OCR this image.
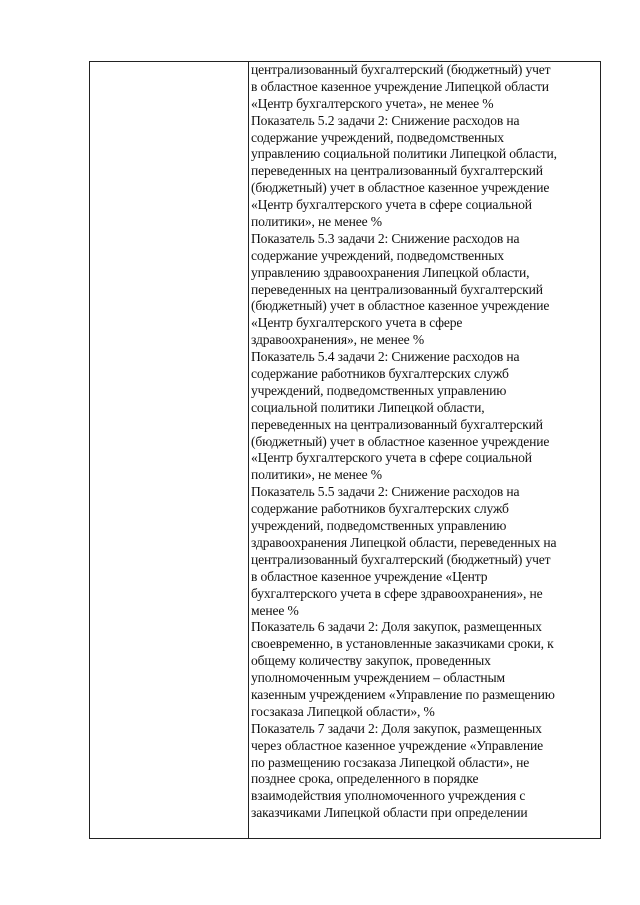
централизованный бухгалтерский (бюджетный) учет
в областное казенное учреждение Липецкой области
«Центр бухгалтерского учета», не менее %
Показатель 5.2 задачи 2: Снижение расходов на
содержание учреждений, подведомственных
управлению социальной политики Липецкой области,
переведенных на централизованный бухгалтерский
(бюджетный) учет в областное казенное учреждение
«Центр бухгалтерского учета в сфере социальной
политики», не менее %
Показатель 5.3 задачи 2: Снижение расходов на
содержание учреждений, подведомственных
управлению здравоохранения Липецкой области,
переведенных на централизованный бухгалтерский
(бюджетный) учет в областное казенное учреждение
«Центр бухгалтерского учета в сфере
здравоохранения», не менее %
Показатель 5.4 задачи 2: Снижение расходов на
содержание работников бухгалтерских служб
учреждений, подведомственных управлению
социальной политики Липецкой области,
переведенных на централизованный бухгалтерский
(бюджетный) учет в областное казенное учреждение
«Центр бухгалтерского учета в сфере социальной
политики», не менее %
Показатель 5.5 задачи 2: Снижение расходов на
содержание работников бухгалтерских служб
учреждений, подведомственных управлению
здравоохранения Липецкой области, переведенных на
централизованный бухгалтерский (бюджетный) учет
в областное казенное учреждение «Центр
бухгалтерского учета в сфере здравоохранения», не
менее %
Показатель 6 задачи 2: Доля закупок, размещенных
своевременно, в установленные заказчиками сроки, к
общему количеству закупок, проведенных
уполномоченным учреждением – областным
казенным учреждением «Управление по размещению
госзаказа Липецкой области», %
Показатель 7 задачи 2: Доля закупок, размещенных
через областное казенное учреждение «Управление
по размещению госзаказа Липецкой области», не
позднее срока, определенного в порядке
взаимодействия уполномоченного учреждения с
заказчиками Липецкой области при определении
